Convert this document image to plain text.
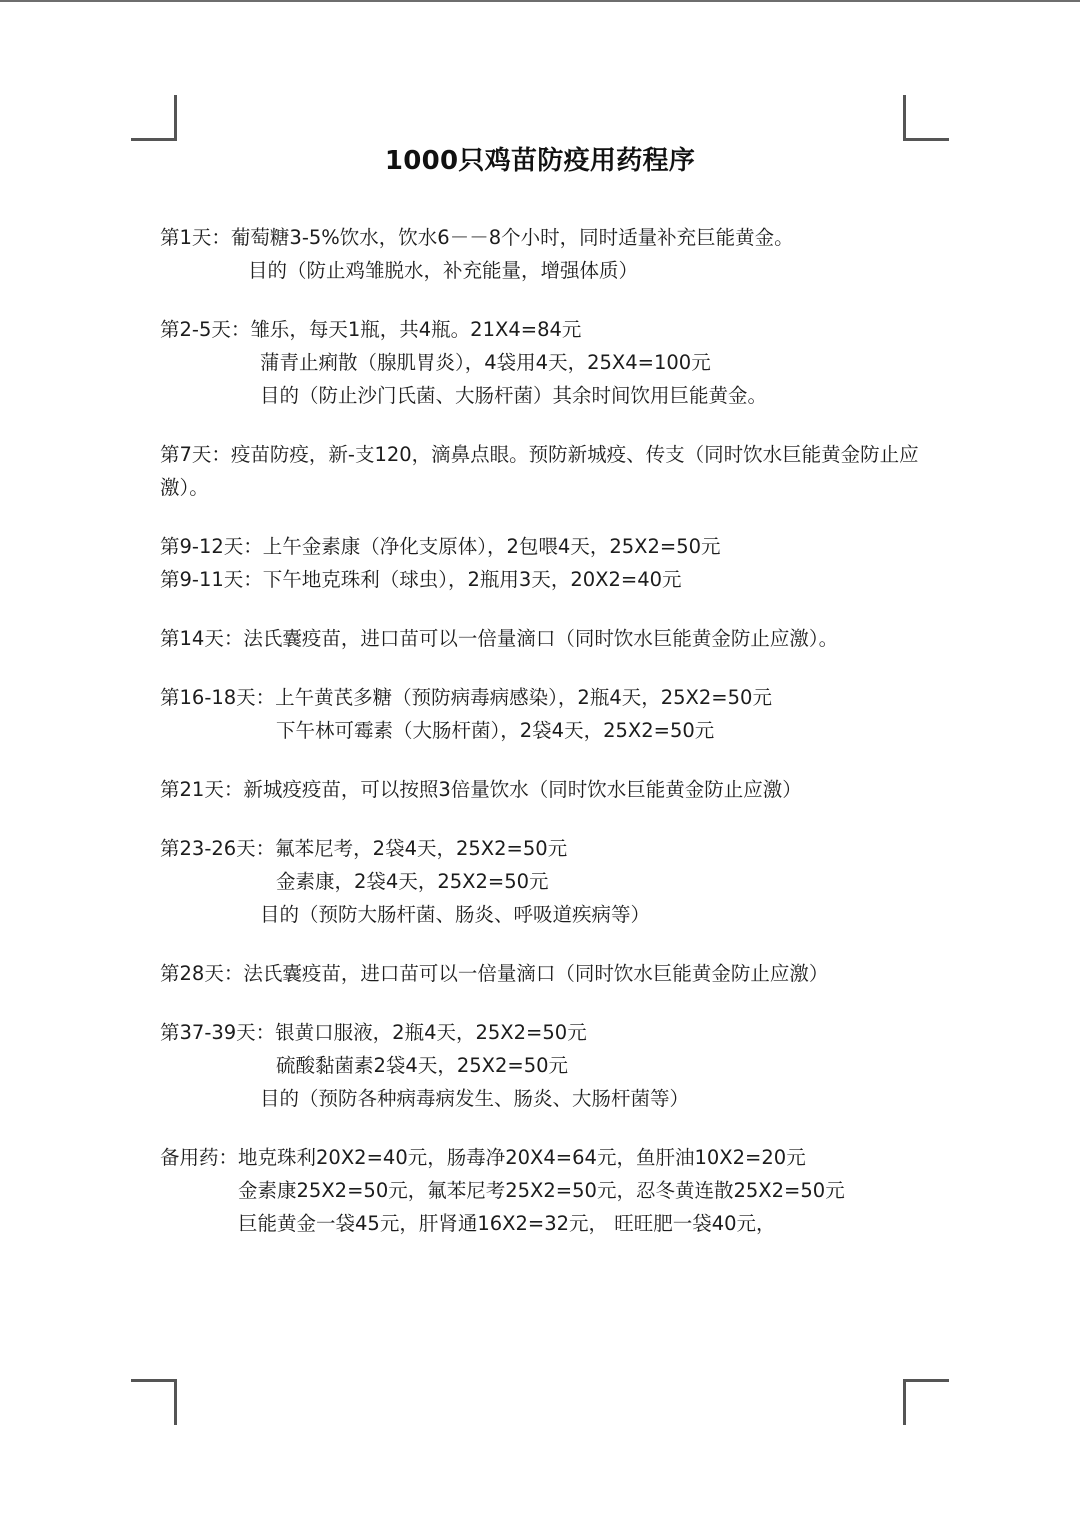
1000只鸡苗防疫用药程序
第1天：葡萄糖3-5%饮水，饮水6－－8个小时，同时适量补充巨能黄金。
目的（防止鸡雏脱水，补充能量，增强体质）
第2-5天：雏乐，每天1瓶，共4瓶。21X4=84元
蒲青止痢散（腺肌胃炎），4袋用4天，25X4=100元
目的（防止沙门氏菌、大肠杆菌）其余时间饮用巨能黄金。
第7天：疫苗防疫，新-支120，滴鼻点眼。预防新城疫、传支（同时饮水巨能黄金防止应
激）。
第9-12天：上午金素康（净化支原体），2包喂4天，25X2=50元
第9-11天：下午地克珠利（球虫），2瓶用3天，20X2=40元
第14天：法氏囊疫苗，进口苗可以一倍量滴口（同时饮水巨能黄金防止应激）。
第16-18天：上午黄芪多糖（预防病毒病感染），2瓶4天，25X2=50元
下午林可霉素（大肠杆菌），2袋4天，25X2=50元
第21天：新城疫疫苗，可以按照3倍量饮水（同时饮水巨能黄金防止应激）
第23-26天：氟苯尼考，2袋4天，25X2=50元
金素康，2袋4天，25X2=50元
目的（预防大肠杆菌、肠炎、呼吸道疾病等）
第28天：法氏囊疫苗，进口苗可以一倍量滴口（同时饮水巨能黄金防止应激）
第37-39天：银黄口服液，2瓶4天，25X2=50元
硫酸黏菌素2袋4天，25X2=50元
目的（预防各种病毒病发生、肠炎、大肠杆菌等）
备用药：地克珠利20X2=40元，肠毒净20X4=64元，鱼肝油10X2=20元
金素康25X2=50元，氟苯尼考25X2=50元，忍冬黄连散25X2=50元
巨能黄金一袋45元，肝肾通16X2=32元， 旺旺肥一袋40元，
